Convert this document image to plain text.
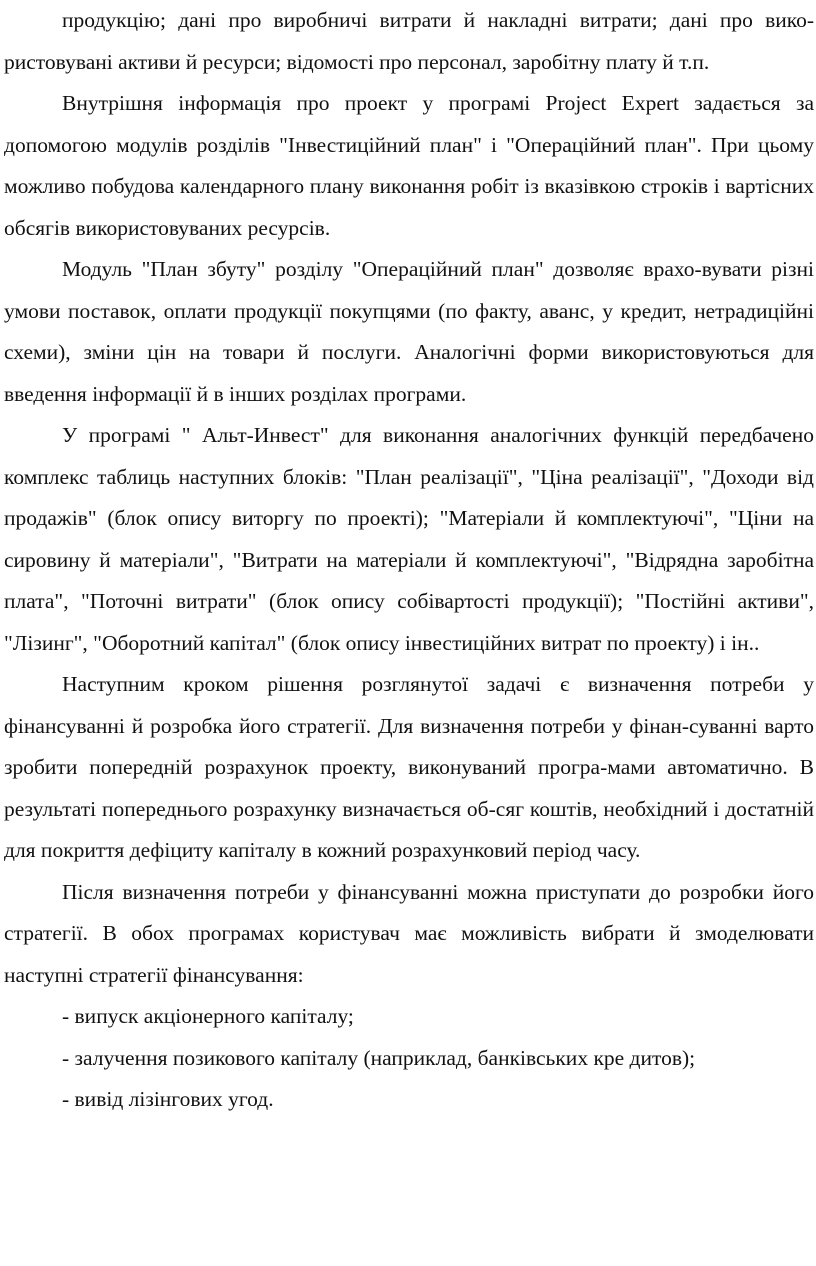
продукцію; дані про виробничі витрати й накладні витрати; дані про вико-ристовувані активи й ресурси; відомості про персонал, заробітну плату й т.п.

Внутрішня інформація про проект у програмі Project Expert задається за допомогою модулів розділів "Інвестиційний план" і "Операційний план". При цьому можливо побудова календарного плану виконання робіт із вказівкою строків і вартісних обсягів використовуваних ресурсів.

Модуль "План збуту" розділу "Операційний план" дозволяє врахо-вувати різні умови поставок, оплати продукції покупцями (по факту, аванс, у кредит, нетрадиційні схеми), зміни цін на товари й послуги. Аналогічні форми використовуються для введення інформації й в інших розділах програми.

У програмі " Альт-Инвест" для виконання аналогічних функцій передбачено комплекс таблиць наступних блоків: "План реалізації", "Ціна реалізації", "Доходи від продажів" (блок опису виторгу по проекті); "Матеріали й комплектуючі", "Ціни на сировину й матеріали", "Витрати на матеріали й комплектуючі", "Відрядна заробітна плата", "Поточні витрати" (блок опису собівартості продукції); "Постійні активи", "Лізинг", "Оборотний капітал" (блок опису інвестиційних витрат по проекту) і ін..

Наступним кроком рішення розглянутої задачі є визначення потреби у фінансуванні й розробка його стратегії. Для визначення потреби у фінан-суванні варто зробити попередній розрахунок проекту, виконуваний програ-мами автоматично. В результаті попереднього розрахунку визначається об-сяг коштів, необхідний і достатній для покриття дефіциту капіталу в кожний розрахунковий період часу.

Після визначення потреби у фінансуванні можна приступати до розробки його стратегії. В обох програмах користувач має можливість вибрати й змоделювати наступні стратегії фінансування:

- випуск акціонерного капіталу;
- залучення позикового капіталу (наприклад, банківських кре дитов);
- вивід лізінгових угод.
